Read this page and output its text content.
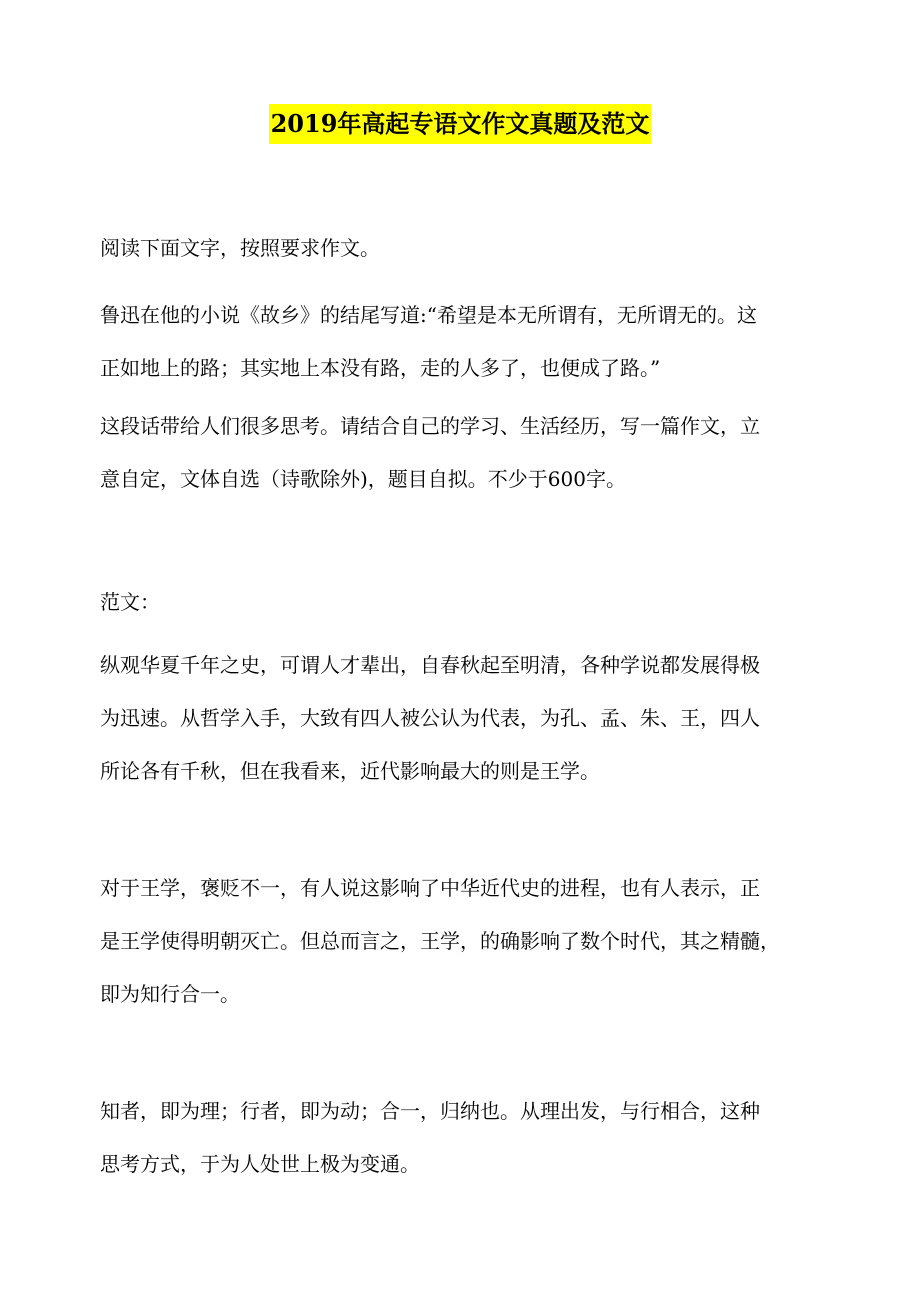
2019年高起专语文作文真题及范文
阅读下面文字，按照要求作文。
鲁迅在他的小说《故乡》的结尾写道:“希望是本无所谓有，无所谓无的。这
正如地上的路；其实地上本没有路，走的人多了，也便成了路。”
这段话带给人们很多思考。请结合自己的学习、生活经历，写一篇作文，立
意自定，文体自选（诗歌除外)，题目自拟。不少于600字。
范文：
纵观华夏千年之史，可谓人才辈出，自春秋起至明清，各种学说都发展得极
为迅速。从哲学入手，大致有四人被公认为代表，为孔、孟、朱、王，四人
所论各有千秋，但在我看来，近代影响最大的则是王学。
对于王学，褒贬不一，有人说这影响了中华近代史的进程，也有人表示，正
是王学使得明朝灭亡。但总而言之，王学，的确影响了数个时代，其之精髓，
即为知行合一。
知者，即为理；行者，即为动；合一，归纳也。从理出发，与行相合，这种
思考方式，于为人处世上极为变通。
